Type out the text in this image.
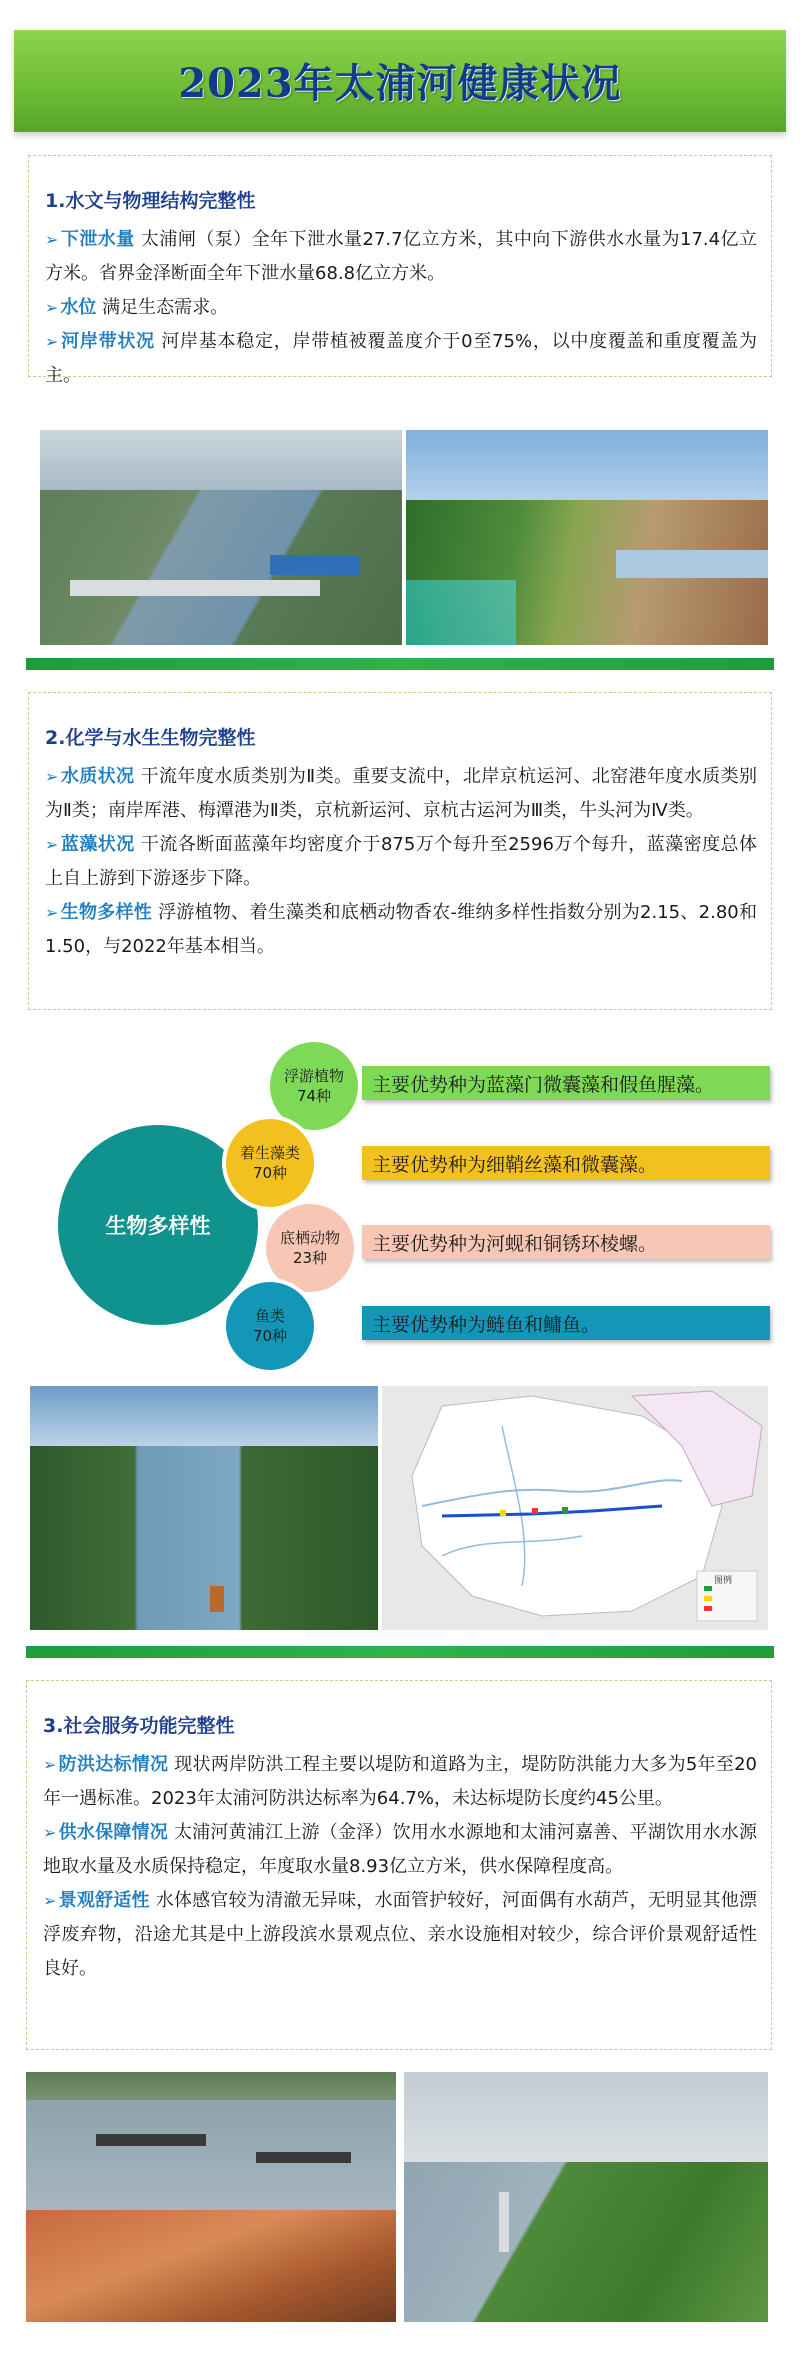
2023年太浦河健康状况
1.水文与物理结构完整性

➢ 下泄水量 太浦闸（泵）全年下泄水量27.7亿立方米，其中向下游供水水量为17.4亿立方米。省界金泽断面全年下泄水量68.8亿立方米。

➢ 水位 满足生态需求。

➢ 河岸带状况 河岸基本稳定，岸带植被覆盖度介于0至75%，以中度覆盖和重度覆盖为主。

2.化学与水生生物完整性

➢ 水质状况 干流年度水质类别为Ⅱ类。重要支流中，北岸京杭运河、北窑港年度水质类别为Ⅱ类；南岸厍港、梅潭港为Ⅱ类，京杭新运河、京杭古运河为Ⅲ类，牛头河为Ⅳ类。

➢ 蓝藻状况 干流各断面蓝藻年均密度介于875万个每升至2596万个每升，蓝藻密度总体上自上游到下游逐步下降。

➢ 生物多样性 浮游植物、着生藻类和底栖动物香农-维纳多样性指数分别为2.15、2.80和1.50，与2022年基本相当。

生物多样性
浮游植物
74种
主要优势种为蓝藻门微囊藻和假鱼腥藻。
着生藻类
70种	主要优势种为细鞘丝藻和微囊藻。
底栖动物
23种
主要优势种为河蚬和铜锈环棱螺。
鱼类
70种
主要优势种为鲢鱼和鳙鱼。
图例
3.社会服务功能完整性

➢ 防洪达标情况 现状两岸防洪工程主要以堤防和道路为主，堤防防洪能力大多为5年至20年一遇标准。2023年太浦河防洪达标率为64.7%，未达标堤防长度约45公里。

➢ 供水保障情况 太浦河黄浦江上游（金泽）饮用水水源地和太浦河嘉善、平湖饮用水水源地取水量及水质保持稳定，年度取水量8.93亿立方米，供水保障程度高。

➢ 景观舒适性 水体感官较为清澈无异味，水面管护较好，河面偶有水葫芦，无明显其他漂浮废弃物，沿途尤其是中上游段滨水景观点位、亲水设施相对较少，综合评价景观舒适性良好。
